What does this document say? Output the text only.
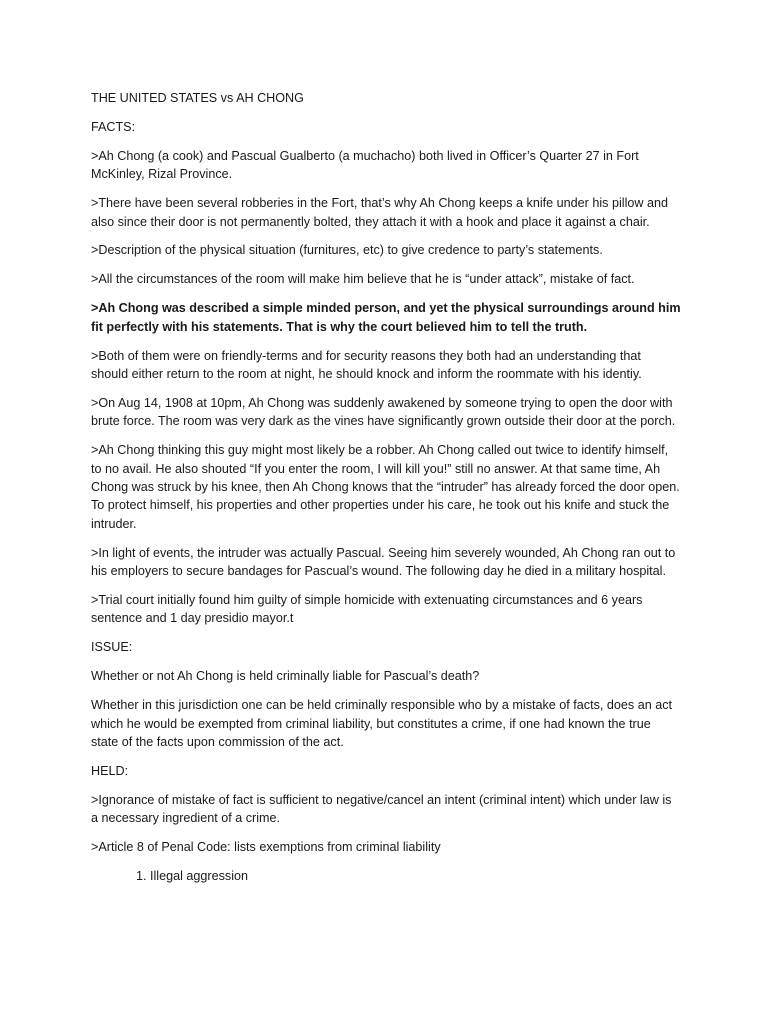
THE UNITED STATES vs AH CHONG

FACTS:

>Ah Chong (a cook) and Pascual Gualberto (a muchacho) both lived in Officer’s Quarter 27 in Fort McKinley, Rizal Province.

>There have been several robberies in the Fort, that’s why Ah Chong keeps a knife under his pillow and also since their door is not permanently bolted, they attach it with a hook and place it against a chair.

>Description of the physical situation (furnitures, etc) to give credence to party’s statements.

>All the circumstances of the room will make him believe that he is “under attack”, mistake of fact.

>Ah Chong was described a simple minded person, and yet the physical surroundings around him fit perfectly with his statements. That is why the court believed him to tell the truth.

>Both of them were on friendly-terms and for security reasons they both had an understanding that should either return to the room at night, he should knock and inform the roommate with his identiy.

>On Aug 14, 1908 at 10pm, Ah Chong was suddenly awakened by someone trying to open the door with brute force. The room was very dark as the vines have significantly grown outside their door at the porch.

>Ah Chong thinking this guy might most likely be a robber. Ah Chong called out twice to identify himself, to no avail. He also shouted “If you enter the room, I will kill you!” still no answer. At that same time, Ah Chong was struck by his knee, then Ah Chong knows that the “intruder” has already forced the door open. To protect himself, his properties and other properties under his care, he took out his knife and stuck the intruder.

>In light of events, the intruder was actually Pascual. Seeing him severely wounded, Ah Chong ran out to his employers to secure bandages for Pascual’s wound. The following day he died in a military hospital.

>Trial court initially found him guilty of simple homicide with extenuating circumstances and 6 years sentence and 1 day presidio mayor.t

ISSUE:

Whether or not Ah Chong is held criminally liable for Pascual’s death?

Whether in this jurisdiction one can be held criminally responsible who by a mistake of facts, does an act which he would be exempted from criminal liability, but constitutes a crime, if one had known the true state of the facts upon commission of the act.

HELD:

>Ignorance of mistake of fact is sufficient to negative/cancel an intent (criminal intent) which under law is a necessary ingredient of a crime.

>Article 8 of Penal Code: lists exemptions from criminal liability

1. Illegal aggression
